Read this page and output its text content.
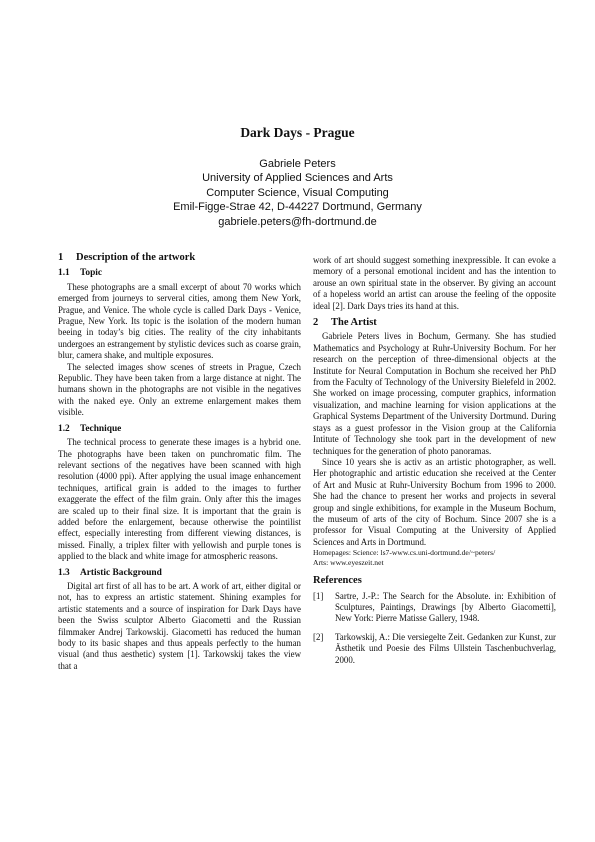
Dark Days - Prague
Gabriele Peters
University of Applied Sciences and Arts
Computer Science, Visual Computing
Emil-Figge-Strae 42, D-44227 Dortmund, Germany
gabriele.peters@fh-dortmund.de
1 Description of the artwork
1.1 Topic

These photographs are a small excerpt of about 70 works which emerged from journeys to serveral cities, among them New York, Prague, and Venice. The whole cycle is called Dark Days - Venice, Prague, New York. Its topic is the isolation of the modern human beeing in today’s big cities. The reality of the city inhabitants undergoes an estrangement by stylistic devices such as coarse grain, blur, camera shake, and multiple exposures.

The selected images show scenes of streets in Prague, Czech Republic. They have been taken from a large distance at night. The humans shown in the photographs are not visible in the negatives with the naked eye. Only an extreme enlargement makes them visible.

1.2 Technique

The technical process to generate these images is a hybrid one. The photographs have been taken on punchromatic film. The relevant sections of the negatives have been scanned with high resolution (4000 ppi). After applying the usual image enhancement techniques, artifical grain is added to the images to further exaggerate the effect of the film grain. Only after this the images are scaled up to their final size. It is important that the grain is added before the enlargement, because otherwise the pointilist effect, especially interesting from different viewing distances, is missed. Finally, a triplex filter with yellowish and purple tones is applied to the black and white image for atmospheric reasons.

1.3 Artistic Background

Digital art first of all has to be art. A work of art, either digital or not, has to express an artistic statement. Shining examples for artistic statements and a source of inspiration for Dark Days have been the Swiss sculptor Alberto Giacometti and the Russian filmmaker Andrej Tarkowskij. Giacometti has reduced the human body to its basic shapes and thus appeals perfectly to the human visual (and thus aesthetic) system [1]. Tarkowskij takes the view that a

work of art should suggest something inexpressible. It can evoke a memory of a personal emotional incident and has the intention to arouse an own spiritual state in the observer. By giving an account of a hopeless world an artist can arouse the feeling of the opposite ideal [2]. Dark Days tries its hand at this.

2 The Artist

Gabriele Peters lives in Bochum, Germany. She has studied Mathematics and Psychology at Ruhr-University Bochum. For her research on the perception of three-dimensional objects at the Institute for Neural Computation in Bochum she received her PhD from the Faculty of Technology of the University Bielefeld in 2002. She worked on image processing, computer graphics, information visualization, and machine learning for vision applications at the Graphical Systems Department of the University Dortmund. During stays as a guest professor in the Vision group at the California Intitute of Technology she took part in the development of new techniques for the generation of photo panoramas.

Since 10 years she is activ as an artistic photographer, as well. Her photographic and artistic education she received at the Center of Art and Music at Ruhr-University Bochum from 1996 to 2000. She had the chance to present her works and projects in several group and single exhibitions, for example in the Museum Bochum, the museum of arts of the city of Bochum. Since 2007 she is a professor for Visual Computing at the University of Applied Sciences and Arts in Dortmund.

Homepages: Science: ls7-www.cs.uni-dortmund.de/~peters/

Arts: www.eyeszeit.net

References
[1] Sartre, J.-P.: The Search for the Absolute. in: Exhibition of Sculptures, Paintings, Drawings [by Alberto Giacometti], New York: Pierre Matisse Gallery, 1948.
[2] Tarkowskij, A.: Die versiegelte Zeit. Gedanken zur Kunst, zur Ästhetik und Poesie des Films Ullstein Taschenbuchverlag, 2000.
